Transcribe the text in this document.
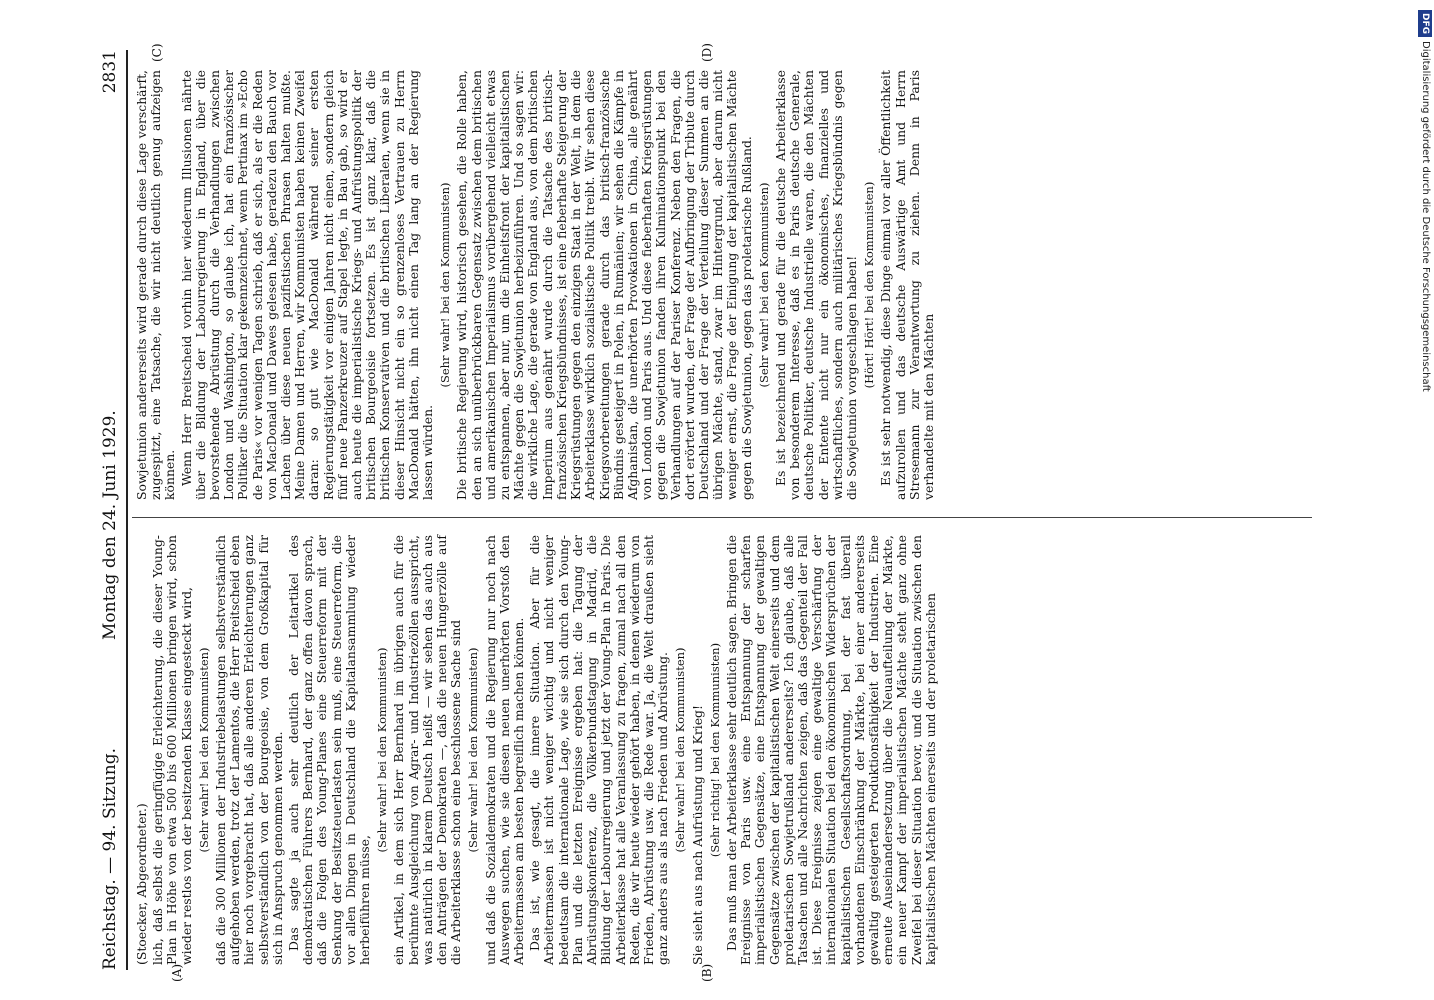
Reichstag. — 94. Sitzung.
Montag den 24. Juni 1929.
2831
(A)	(B)
(C)	(D)

(Stoecker, Abgeordneter.) lich, daß selbst die geringfügige Erleichterung, die dieser Young-Plan in Höhe von etwa 500 bis 600 Millionen bringen wird, schon wieder restlos von der besitzenden Klasse eingesteckt wird, (Sehr wahr! bei den Kommunisten) daß die 300 Millionen der Industriebelastungen selbstverständlich aufgehoben werden, trotz der Lamentos, die Herr Breitscheid eben hier noch vorgebracht hat, daß alle anderen Erleichterungen ganz selbstverständlich von der Bourgeoisie, von dem Großkapital für sich in Anspruch genommen werden. Das sagte ja auch sehr deutlich der Leitartikel des demokratischen Führers Bernhard, der ganz offen davon sprach, daß die Folgen des Young-Planes eine Steuerreform mit der Senkung der Besitzsteuerlasten sein muß, eine Steuerreform, die vor allen Dingen in Deutschland die Kapitalansammlung wieder herbeiführen müsse,

(Sehr wahr! bei den Kommunisten) ein Artikel, in dem sich Herr Bernhard im übrigen auch für die berühmte Ausgleichung von Agrar- und Industriezöllen ausspricht, was natürlich in klarem Deutsch heißt — wir sehen das auch aus den Anträgen der Demokraten —, daß die neuen Hungerzölle auf die Arbeiterklasse schon eine beschlossene Sache sind (Sehr wahr! bei den Kommunisten) und daß die Sozialdemokraten und die Regierung nur noch nach Auswegen suchen, wie sie diesen neuen unerhörten Vorstoß den Arbeitermassen am besten begreiflich machen können. Das ist, wie gesagt, die innere Situation. Aber für die Arbeitermassen ist nicht weniger wichtig und nicht weniger bedeutsam die internationale Lage, wie sie sich durch den Young-Plan und die letzten Ereignisse ergeben hat: die Tagung der Abrüstungskonferenz, die Völkerbundstagung in Madrid, die Bildung der Labourregierung und jetzt der Young-Plan in Paris. Die Arbeiterklasse hat alle Veranlassung zu fragen, zumal nach all den Reden, die wir heute wieder gehört haben, in denen wiederum von Frieden, Abrüstung usw. die Rede war. Ja, die Welt draußen sieht ganz anders aus als nach Frieden und Abrüstung. (Sehr wahr! bei den Kommunisten) Sie sieht aus nach Aufrüstung und Krieg! (Sehr richtig! bei den Kommunisten) Das muß man der Arbeiterklasse sehr deutlich sagen. Bringen die Ereignisse von Paris usw. eine Entspannung der scharfen imperialistischen Gegensätze, eine Entspannung der gewaltigen Gegensätze zwischen der kapitalistischen Welt einerseits und dem proletarischen Sowjetrußland andererseits? Ich glaube, daß alle Tatsachen und alle Nachrichten zeigen, daß das Gegenteil der Fall ist. Diese Ereignisse zeigen eine gewaltige Verschärfung der internationalen Situation bei den ökonomischen Widersprüchen der kapitalistischen Gesellschaftsordnung, bei der fast überall vorhandenen Einschränkung der Märkte, bei einer andererseits gewaltig gesteigerten Produktionsfähigkeit der Industrien. Eine erneute Auseinandersetzung über die Neuaufteilung der Märkte, ein neuer Kampf der imperialistischen Mächte steht ganz ohne Zweifel bei dieser Situation bevor, und die Situation zwischen den kapitalistischen Mächten einerseits und der proletarischen

Sowjetunion andererseits wird gerade durch diese Lage verschärft, zugespitzt, eine Tatsache, die wir nicht deutlich genug aufzeigen können. Wenn Herr Breitscheid vorhin hier wiederum Illusionen nährte über die Bildung der Labourregierung in England, über die bevorstehende Abrüstung durch die Verhandlungen zwischen London und Washington, so glaube ich, hat ein französischer Politiker die Situation klar gekennzeichnet, wenn Pertinax im »Echo de Paris« vor wenigen Tagen schrieb, daß er sich, als er die Reden von MacDonald und Dawes gelesen habe, geradezu den Bauch vor Lachen über diese neuen pazifistischen Phrasen halten mußte. Meine Damen und Herren, wir Kommunisten haben keinen Zweifel daran: so gut wie MacDonald während seiner ersten Regierungstätigkeit vor einigen Jahren nicht einen, sondern gleich fünf neue Panzerkreuzer auf Stapel legte, in Bau gab, so wird er auch heute die imperialistische Kriegs- und Aufrüstungspolitik der britischen Bourgeoisie fortsetzen. Es ist ganz klar, daß die britischen Konservativen und die britischen Liberalen, wenn sie in dieser Hinsicht nicht ein so grenzenloses Vertrauen zu Herrn MacDonald hätten, ihn nicht einen Tag lang an der Regierung lassen würden.

(Sehr wahr! bei den Kommunisten) Die britische Regierung wird, historisch gesehen, die Rolle haben, den an sich unüberbrückbaren Gegensatz zwischen dem britischen und amerikanischen Imperialismus vorübergehend vielleicht etwas zu entspannen, aber nur, um die Einheitsfront der kapitalistischen Mächte gegen die Sowjetunion herbeizuführen. Und so sagen wir: die wirkliche Lage, die gerade von England aus, von dem britischen Imperium aus genährt wurde durch die Tatsache des britisch-französischen Kriegsbündnisses, ist eine fieberhafte Steigerung der Kriegsrüstungen gegen den einzigen Staat in der Welt, in dem die Arbeiterklasse wirklich sozialistische Politik treibt. Wir sehen diese Kriegsvorbereitungen gerade durch das britisch-französische Bündnis gesteigert in Polen, in Rumänien; wir sehen die Kämpfe in Afghanistan, die unerhörten Provokationen in China, alle genährt von London und Paris aus. Und diese fieberhaften Kriegsrüstungen gegen die Sowjetunion fanden ihren Kulminationspunkt bei den Verhandlungen auf der Pariser Konferenz. Neben den Fragen, die dort erörtert wurden, der Frage der Aufbringung der Tribute durch Deutschland und der Frage der Verteilung dieser Summen an die übrigen Mächte, stand, zwar im Hintergrund, aber darum nicht weniger ernst, die Frage der Einigung der kapitalistischen Mächte gegen die Sowjetunion, gegen das proletarische Rußland. (Sehr wahr! bei den Kommunisten) Es ist bezeichnend und gerade für die deutsche Arbeiterklasse von besonderem Interesse, daß es in Paris deutsche Generale, deutsche Politiker, deutsche Industrielle waren, die den Mächten der Entente nicht nur ein ökonomisches, finanzielles und wirtschaftliches, sondern auch militärisches Kriegsbündnis gegen die Sowjetunion vorgeschlagen haben! (Hört! Hört! bei den Kommunisten) Es ist sehr notwendig, diese Dinge einmal vor aller Öffentlichkeit aufzurollen und das deutsche Auswärtige Amt und Herrn Stresemann zur Verantwortung zu ziehen. Denn in Paris verhandelte mit den Mächten

DFGDigitalisierung gefördert durch die Deutsche Forschungsgemeinschaft
